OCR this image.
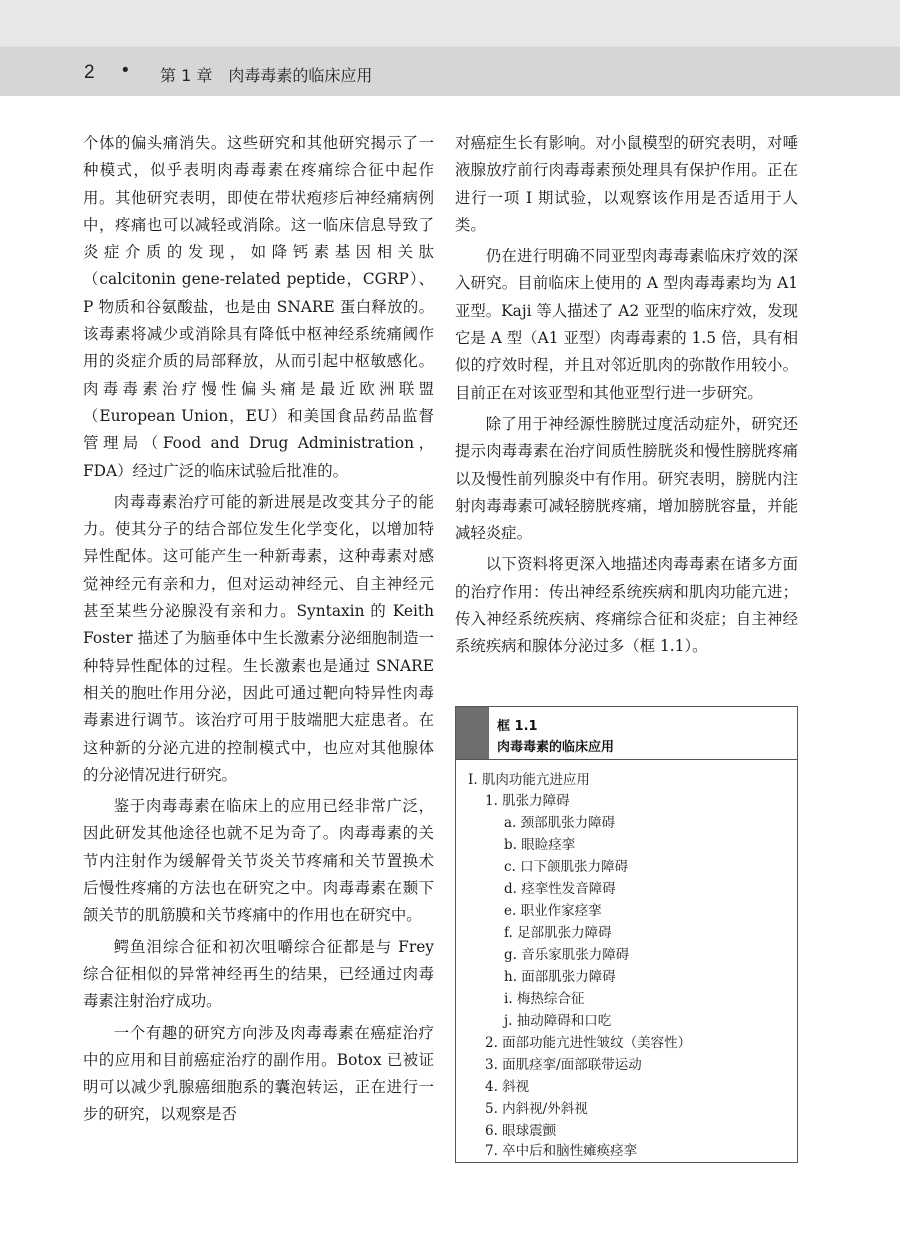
2 • 第 1 章　肉毒毒素的临床应用

个体的偏头痛消失。这些研究和其他研究揭示了一种模式，似乎表明肉毒毒素在疼痛综合征中起作用。其他研究表明，即使在带状疱疹后神经痛病例中，疼痛也可以减轻或消除。这一临床信息导致了炎症介质的发现，如降钙素基因相关肽（calcitonin gene-related peptide，CGRP）、P 物质和谷氨酸盐，也是由 SNARE 蛋白释放的。该毒素将减少或消除具有降低中枢神经系统痛阈作用的炎症介质的局部释放，从而引起中枢敏感化。肉毒毒素治疗慢性偏头痛是最近欧洲联盟（European Union，EU）和美国食品药品监督管理局（Food and Drug Administration，FDA）经过广泛的临床试验后批准的。

肉毒毒素治疗可能的新进展是改变其分子的能力。使其分子的结合部位发生化学变化，以增加特异性配体。这可能产生一种新毒素，这种毒素对感觉神经元有亲和力，但对运动神经元、自主神经元甚至某些分泌腺没有亲和力。Syntaxin 的 Keith Foster 描述了为脑垂体中生长激素分泌细胞制造一种特异性配体的过程。生长激素也是通过 SNARE 相关的胞吐作用分泌，因此可通过靶向特异性肉毒毒素进行调节。该治疗可用于肢端肥大症患者。在这种新的分泌亢进的控制模式中，也应对其他腺体的分泌情况进行研究。

鉴于肉毒毒素在临床上的应用已经非常广泛，因此研发其他途径也就不足为奇了。肉毒毒素的关节内注射作为缓解骨关节炎关节疼痛和关节置换术后慢性疼痛的方法也在研究之中。肉毒毒素在颞下颌关节的肌筋膜和关节疼痛中的作用也在研究中。

鳄鱼泪综合征和初次咀嚼综合征都是与 Frey 综合征相似的异常神经再生的结果，已经通过肉毒毒素注射治疗成功。

一个有趣的研究方向涉及肉毒毒素在癌症治疗中的应用和目前癌症治疗的副作用。Botox 已被证明可以减少乳腺癌细胞系的囊泡转运，正在进行一步的研究，以观察是否

对癌症生长有影响。对小鼠模型的研究表明，对唾液腺放疗前行肉毒毒素预处理具有保护作用。正在进行一项 I 期试验，以观察该作用是否适用于人类。

仍在进行明确不同亚型肉毒毒素临床疗效的深入研究。目前临床上使用的 A 型肉毒毒素均为 A1 亚型。Kaji 等人描述了 A2 亚型的临床疗效，发现它是 A 型（A1 亚型）肉毒毒素的 1.5 倍，具有相似的疗效时程，并且对邻近肌肉的弥散作用较小。目前正在对该亚型和其他亚型行进一步研究。

除了用于神经源性膀胱过度活动症外，研究还提示肉毒毒素在治疗间质性膀胱炎和慢性膀胱疼痛以及慢性前列腺炎中有作用。研究表明，膀胱内注射肉毒毒素可减轻膀胱疼痛，增加膀胱容量，并能减轻炎症。

以下资料将更深入地描述肉毒毒素在诸多方面的治疗作用：传出神经系统疾病和肌肉功能亢进；传入神经系统疾病、疼痛综合征和炎症；自主神经系统疾病和腺体分泌过多（框 1.1）。

框 1.1
肉毒毒素的临床应用
I. 肌肉功能亢进应用
1. 肌张力障碍
a. 颈部肌张力障碍
b. 眼睑痉挛
c. 口下颌肌张力障碍
d. 痉挛性发音障碍
e. 职业作家痉挛
f. 足部肌张力障碍
g. 音乐家肌张力障碍
h. 面部肌张力障碍
i. 梅热综合征
j. 抽动障碍和口吃
2. 面部功能亢进性皱纹（美容性）
3. 面肌痉挛/面部联带运动
4. 斜视
5. 内斜视/外斜视
6. 眼球震颤
7. 卒中后和脑性瘫痪痉挛
